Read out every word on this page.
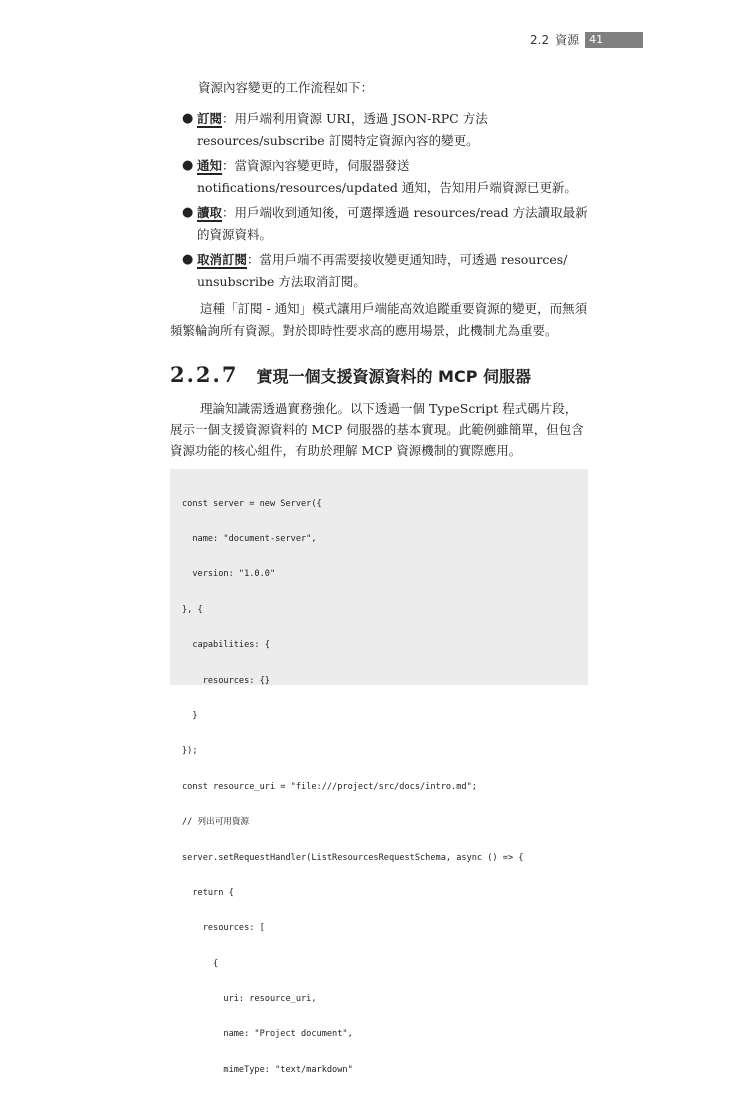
2.2 資源 41
資源內容變更的工作流程如下：
● 訂閱：用戶端利用資源 URI，透過 JSON-RPC 方法 resources/subscribe 訂閱特定資源內容的變更。
● 通知：當資源內容變更時，伺服器發送 notifications/resources/updated 通知，告知用戶端資源已更新。
● 讀取：用戶端收到通知後，可選擇透過 resources/read 方法讀取最新的資源資料。
● 取消訂閱：當用戶端不再需要接收變更通知時，可透過 resources/ unsubscribe 方法取消訂閱。
這種「訂閱 - 通知」模式讓用戶端能高效追蹤重要資源的變更，而無須頻繁輪詢所有資源。對於即時性要求高的應用場景，此機制尤為重要。
2.2.7 實現一個支援資源資料的 MCP 伺服器
理論知識需透過實務強化。以下透過一個 TypeScript 程式碼片段，展示一個支援資源資料的 MCP 伺服器的基本實現。此範例雖簡單，但包含資源功能的核心組件，有助於理解 MCP 資源機制的實際應用。

const server = new Server({

name: "document-server",

version: "1.0.0"

}, {

capabilities: {

resources: {}

}

});

const resource_uri = "file:///project/src/docs/intro.md";

// 列出可用資源

server.setRequestHandler(ListResourcesRequestSchema, async () => {

return {

resources: [

{

uri: resource_uri,

name: "Project document",

mimeType: "text/markdown"
